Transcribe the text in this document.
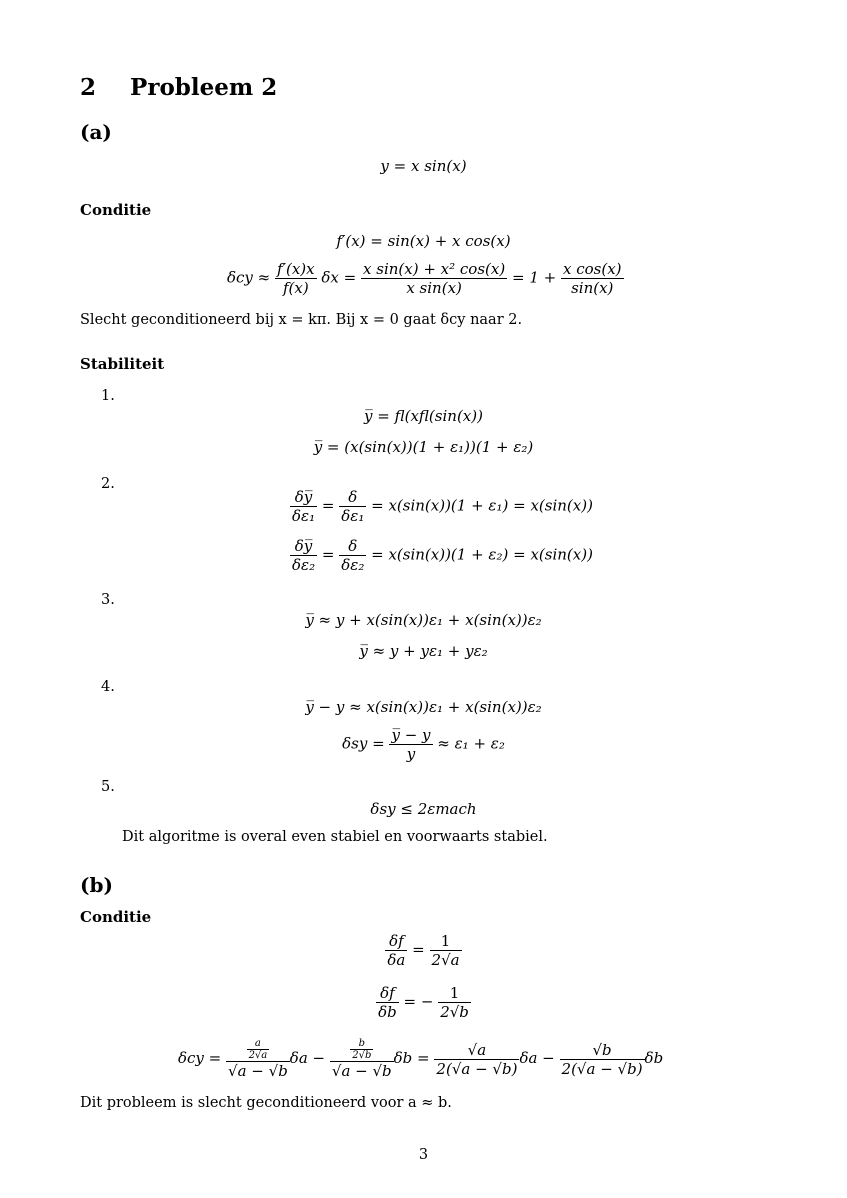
2 Probleem 2
(a)
y = x sin(x)
Conditie
f′(x) = sin(x) + x cos(x)
$\delta cy \approx \frac{f'(x)x}{f(x)}$ $\delta x = \frac{\text{x sin(x) + x² cos(x)}}{\text{x sin(x)}} = 1 + \frac{\text{x cos(x)}}{\sin(x)}$
Slecht geconditioneerd bij x = kπ. Bij x = 0 gaat δcy naar 2.
Stabiliteit
1.
2.
3.
4.
5.
y̅ = fl(xfl(sin(x))
y̅ = (x(sin(x))(1 + ε₁))(1 + ε₂)
$\frac{\delta y̅}{\text{δε₁}} = \frac{\delta}{\text{δε₁}} = x(\sin(x))(1 + \varepsilon_1) = x(\sin(x))$
$\frac{\delta y̅}{\text{δε₂}} = \frac{\delta}{\text{δε₂}} = x(\sin(x))(1 + \varepsilon_2) = x(\sin(x))$
y̅ ≈ y + x(sin(x))ε₁ + x(sin(x))ε₂
y̅ ≈ y + yε₁ + yε₂
y̅ − y ≈ x(sin(x))ε₁ + x(sin(x))ε₂
$\delta sy = \frac{y̅ - y}{y} \approx \varepsilon_1 + \varepsilon_2$
δsy ≤ 2εmach
Dit algoritme is overal even stabiel en voorwaarts stabiel.
(b)
Conditie
$\frac{\delta f}{\delta a} = \frac{1}{2√a}$
$\frac{\delta f}{\delta b}$ = − $\frac{1}{2√b}$
$\delta cy = \frac{\frac{a}{2√a}}{√a - √b}$ $\delta a - \frac{\frac{b}{2√b}}{√a - √b}$ $\delta b = \frac{√a}{2(√a - √b)}$ $\delta a - \frac{√b}{2(√a - √b)}$ δb
Dit probleem is slecht geconditioneerd voor a ≈ b.
3
